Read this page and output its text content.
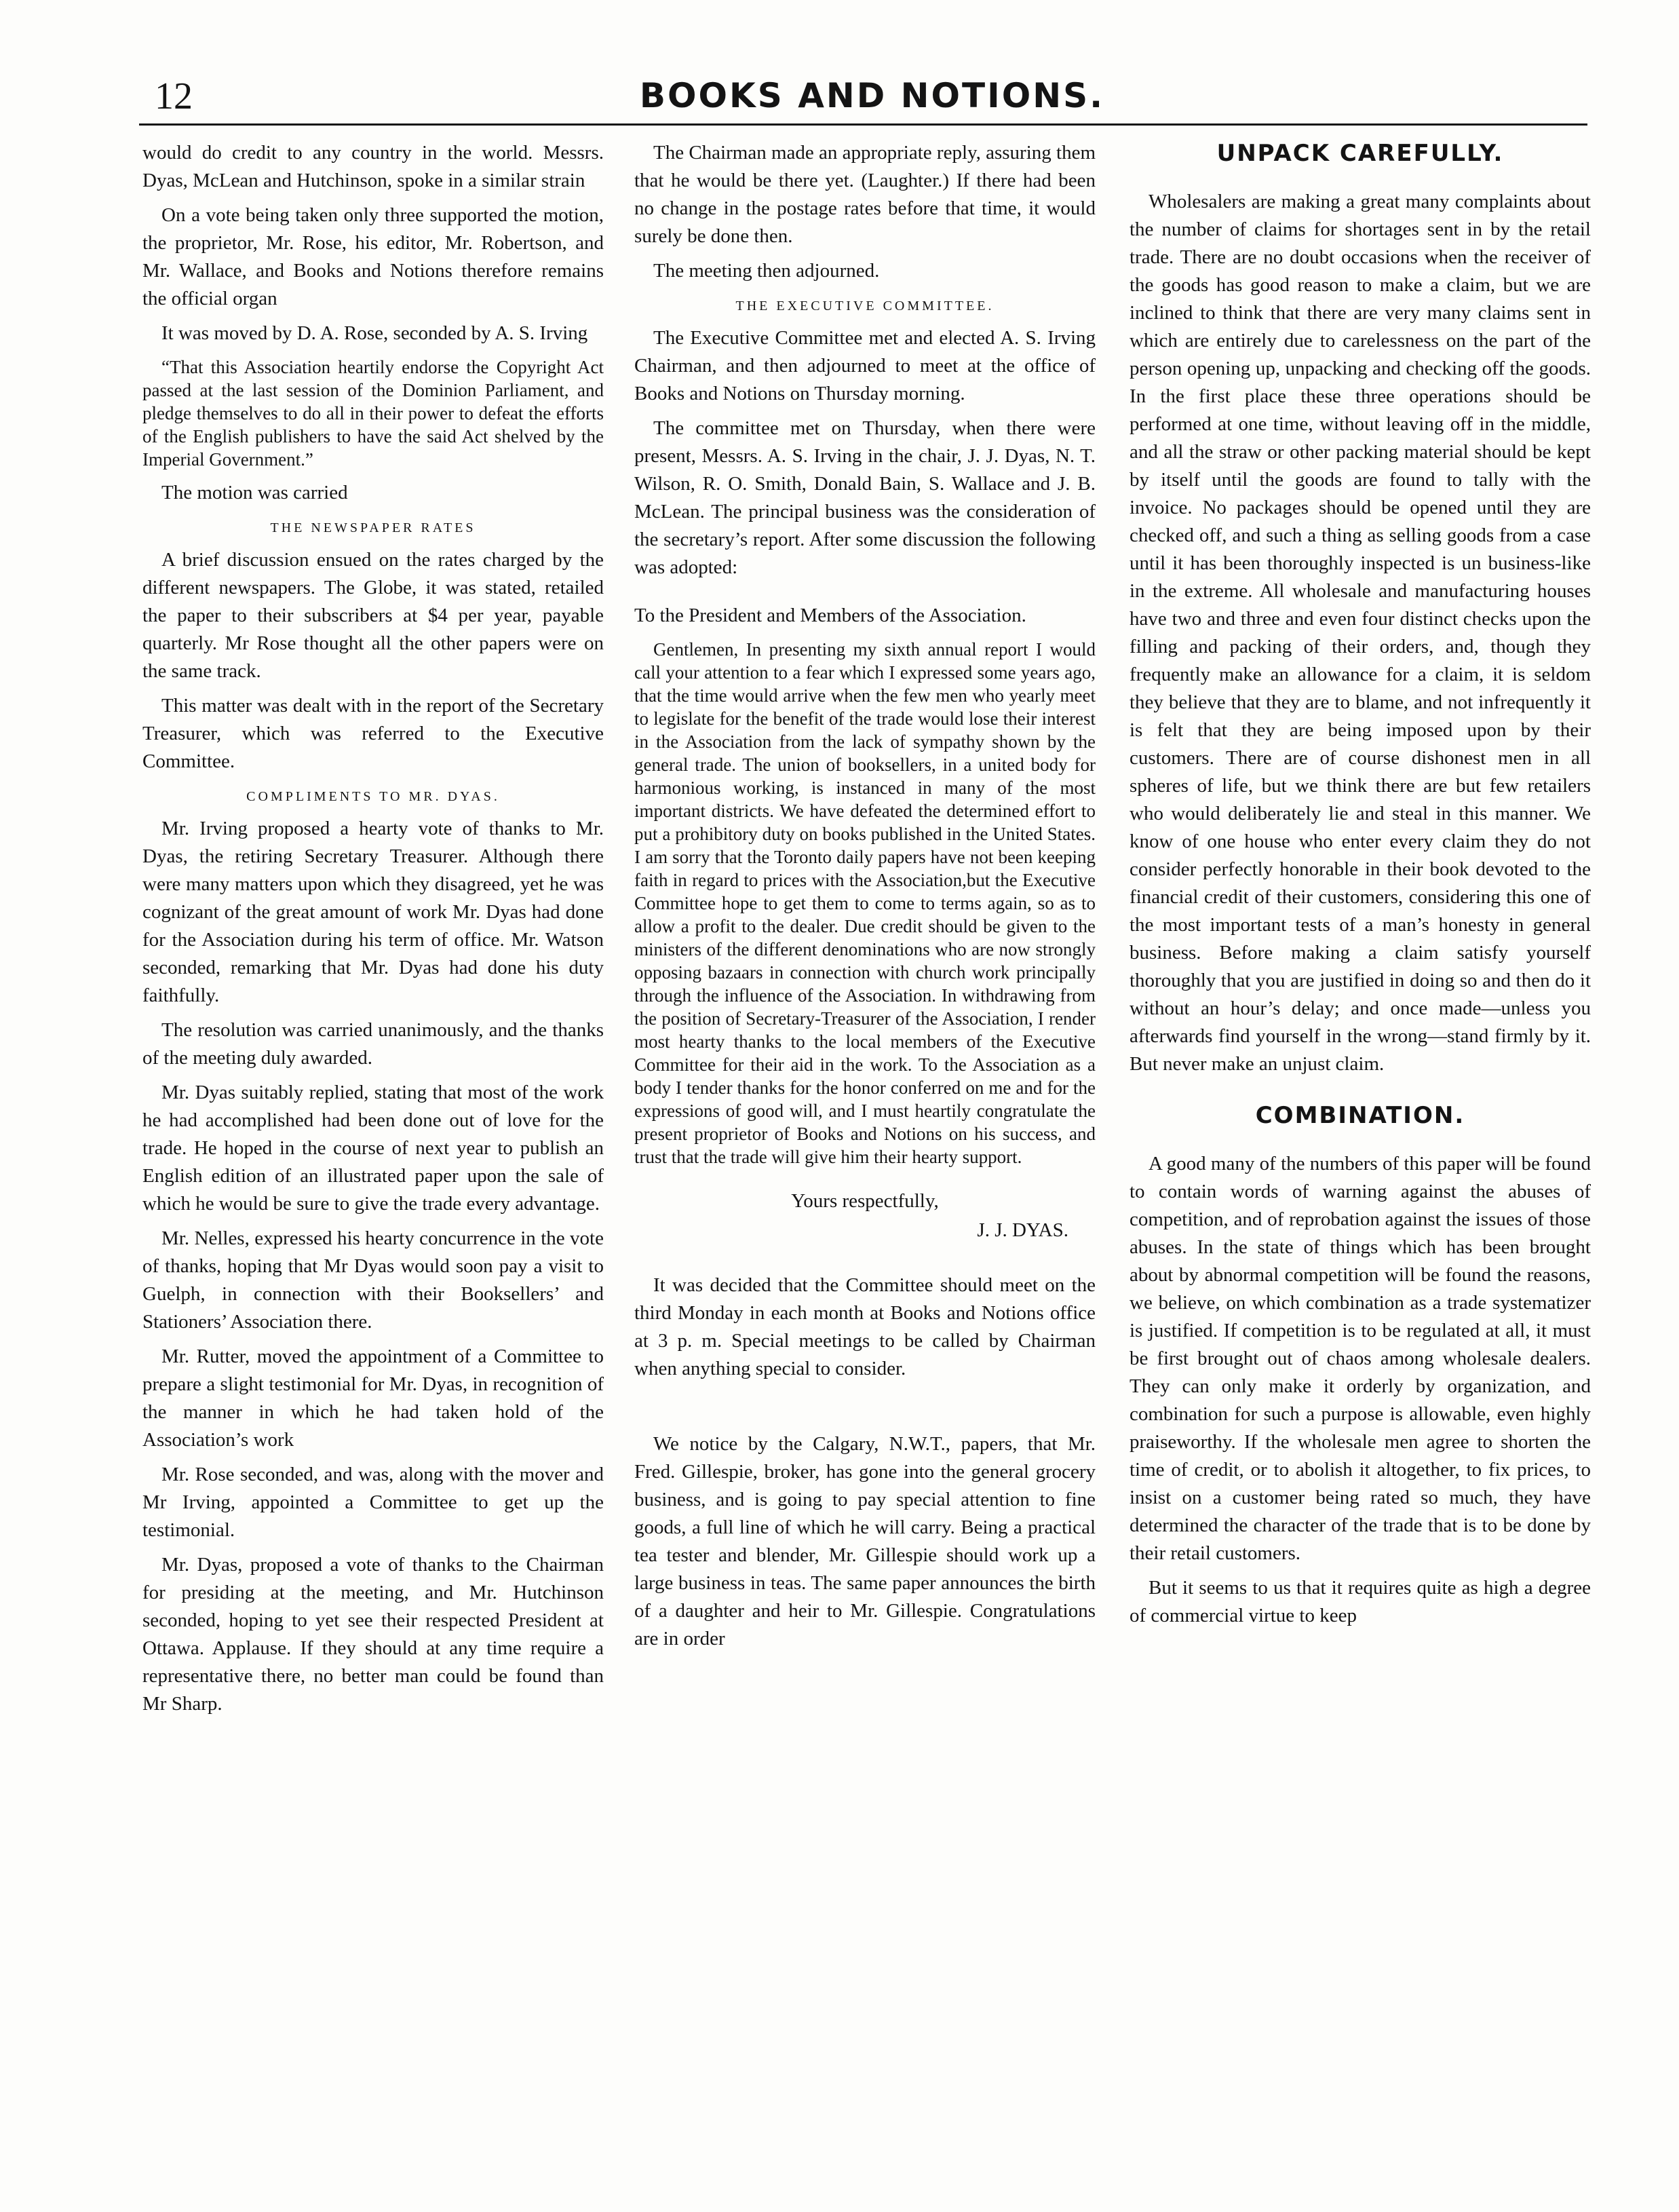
12	BOOKS AND NOTIONS.

would do credit to any country in the world. Messrs. Dyas, McLean and Hutchinson, spoke in a similar strain

On a vote being taken only three supported the motion, the proprietor, Mr. Rose, his editor, Mr. Robertson, and Mr. Wallace, and Books and Notions therefore remains the official organ

It was moved by D. A. Rose, seconded by A. S. Irving

“That this Association heartily endorse the Copyright Act passed at the last session of the Dominion Parliament, and pledge themselves to do all in their power to defeat the efforts of the English publishers to have the said Act shelved by the Imperial Government.”

The motion was carried

THE NEWSPAPER RATES

A brief discussion ensued on the rates charged by the different newspapers. The Globe, it was stated, retailed the paper to their subscribers at $4 per year, payable quarterly. Mr Rose thought all the other papers were on the same track.

This matter was dealt with in the report of the Secretary Treasurer, which was referred to the Executive Committee.

COMPLIMENTS TO MR. DYAS.

Mr. Irving proposed a hearty vote of thanks to Mr. Dyas, the retiring Secretary Treasurer. Although there were many matters upon which they disagreed, yet he was cognizant of the great amount of work Mr. Dyas had done for the Association during his term of office. Mr. Watson seconded, remarking that Mr. Dyas had done his duty faithfully.

The resolution was carried unanimously, and the thanks of the meeting duly awarded.

Mr. Dyas suitably replied, stating that most of the work he had accomplished had been done out of love for the trade. He hoped in the course of next year to publish an English edition of an illustrated paper upon the sale of which he would be sure to give the trade every advantage.

Mr. Nelles, expressed his hearty concurrence in the vote of thanks, hoping that Mr Dyas would soon pay a visit to Guelph, in connection with their Booksellers’ and Stationers’ Association there.

Mr. Rutter, moved the appointment of a Committee to prepare a slight testimonial for Mr. Dyas, in recognition of the manner in which he had taken hold of the Association’s work

Mr. Rose seconded, and was, along with the mover and Mr Irving, appointed a Committee to get up the testimonial.

Mr. Dyas, proposed a vote of thanks to the Chairman for presiding at the meeting, and Mr. Hutchinson seconded, hoping to yet see their respected President at Ottawa. Applause. If they should at any time require a representative there, no better man could be found than Mr Sharp.

The Chairman made an appropriate reply, assuring them that he would be there yet. (Laughter.) If there had been no change in the postage rates before that time, it would surely be done then.

The meeting then adjourned.

THE EXECUTIVE COMMITTEE.

The Executive Committee met and elected A. S. Irving Chairman, and then adjourned to meet at the office of Books and Notions on Thursday morning.

The committee met on Thursday, when there were present, Messrs. A. S. Irving in the chair, J. J. Dyas, N. T. Wilson, R. O. Smith, Donald Bain, S. Wallace and J. B. McLean. The principal business was the consideration of the secretary’s report. After some discussion the following was adopted:

To the President and Members of the Association.

Gentlemen, In presenting my sixth annual report I would call your attention to a fear which I expressed some years ago, that the time would arrive when the few men who yearly meet to legislate for the benefit of the trade would lose their interest in the Association from the lack of sympathy shown by the general trade. The union of booksellers, in a united body for harmonious working, is instanced in many of the most important districts. We have defeated the determined effort to put a prohibitory duty on books published in the United States. I am sorry that the Toronto daily papers have not been keeping faith in regard to prices with the Association,but the Executive Committee hope to get them to come to terms again, so as to allow a profit to the dealer. Due credit should be given to the ministers of the different denominations who are now strongly opposing bazaars in connection with church work principally through the influence of the Association. In withdrawing from the position of Secretary-Treasurer of the Association, I render most hearty thanks to the local members of the Executive Committee for their aid in the work. To the Association as a body I tender thanks for the honor conferred on me and for the expressions of good will, and I must heartily congratulate the present proprietor of Books and Notions on his success, and trust that the trade will give him their hearty support.

Yours respectfully,

J. J. DYAS.

It was decided that the Committee should meet on the third Monday in each month at Books and Notions office at 3 p. m. Special meetings to be called by Chairman when anything special to consider.

We notice by the Calgary, N.W.T., papers, that Mr. Fred. Gillespie, broker, has gone into the general grocery business, and is going to pay special attention to fine goods, a full line of which he will carry. Being a practical tea tester and blender, Mr. Gillespie should work up a large business in teas. The same paper announces the birth of a daughter and heir to Mr. Gillespie. Congratulations are in order

UNPACK CAREFULLY.

Wholesalers are making a great many complaints about the number of claims for shortages sent in by the retail trade. There are no doubt occasions when the receiver of the goods has good reason to make a claim, but we are inclined to think that there are very many claims sent in which are entirely due to carelessness on the part of the person opening up, unpacking and checking off the goods. In the first place these three operations should be performed at one time, without leaving off in the middle, and all the straw or other packing material should be kept by itself until the goods are found to tally with the invoice. No packages should be opened until they are checked off, and such a thing as selling goods from a case until it has been thoroughly inspected is un business-like in the extreme. All wholesale and manufacturing houses have two and three and even four distinct checks upon the filling and packing of their orders, and, though they frequently make an allowance for a claim, it is seldom they believe that they are to blame, and not infrequently it is felt that they are being imposed upon by their customers. There are of course dishonest men in all spheres of life, but we think there are but few retailers who would deliberately lie and steal in this manner. We know of one house who enter every claim they do not consider perfectly honorable in their book devoted to the financial credit of their customers, considering this one of the most important tests of a man’s honesty in general business. Before making a claim satisfy yourself thoroughly that you are justified in doing so and then do it without an hour’s delay; and once made—unless you afterwards find yourself in the wrong—stand firmly by it. But never make an unjust claim.

COMBINATION.

A good many of the numbers of this paper will be found to contain words of warning against the abuses of competition, and of reprobation against the issues of those abuses. In the state of things which has been brought about by abnormal competition will be found the reasons, we believe, on which combination as a trade systematizer is justified. If competition is to be regulated at all, it must be first brought out of chaos among wholesale dealers. They can only make it orderly by organization, and combination for such a purpose is allowable, even highly praiseworthy. If the wholesale men agree to shorten the time of credit, or to abolish it altogether, to fix prices, to insist on a customer being rated so much, they have determined the character of the trade that is to be done by their retail customers.

But it seems to us that it requires quite as high a degree of commercial virtue to keep
